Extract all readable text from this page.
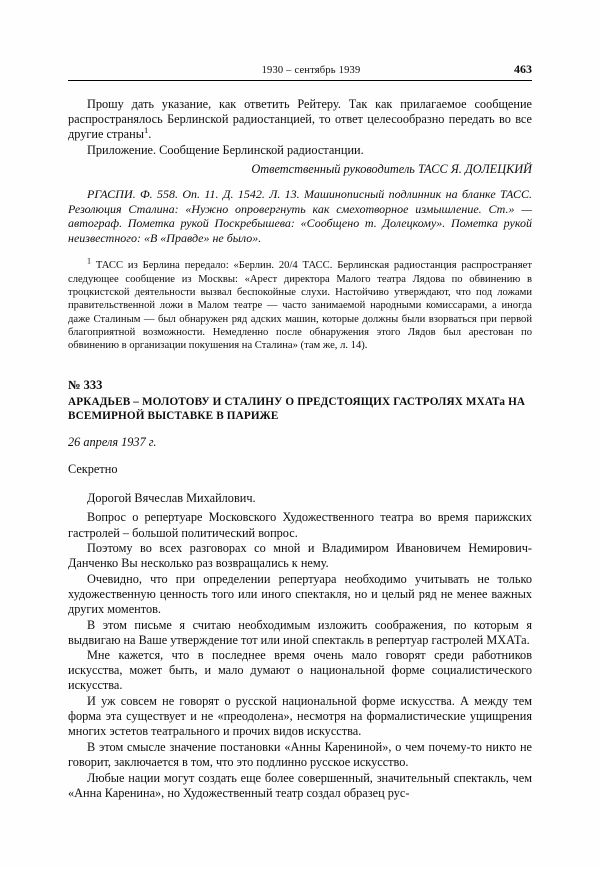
1930 – сентябрь 1939	463

Прошу дать указание, как ответить Рейтеру. Так как прилагаемое сообщение распространялось Берлинской радиостанцией, то ответ целесообразно передать во все другие страны$^1$.

Приложение. Сообщение Берлинской радиостанции.

Ответственный руководитель ТАСС Я. ДОЛЕЦКИЙ

РГАСПИ. Ф. 558. Оп. 11. Д. 1542. Л. 13. Машинописный подлинник на бланке ТАСС. Резолюция Сталина: «Нужно опровергнуть как смехотворное измышление. Ст.» — автограф. Пометка рукой Поскребышева: «Сообщено т. Долецкому». Пометка рукой неизвестного: «В «Правде» не было».

$^1$ ТАСС из Берлина передало: «Берлин. 20/4 ТАСС. Берлинская радиостанция распространяет следующее сообщение из Москвы: «Арест директора Малого театра Лядова по обвинению в троцкистской деятельности вызвал беспокойные слухи. Настойчиво утверждают, что под ложами правительственной ложи в Малом театре — часто занимаемой народными комиссарами, а иногда даже Сталиным — был обнаружен ряд адских машин, которые должны были взорваться при первой благоприятной возможности. Немедленно после обнаружения этого Лядов был арестован по обвинению в организации покушения на Сталина» (там же, л. 14).

№ 333
АРКАДЬЕВ – МОЛОТОВУ И СТАЛИНУ О ПРЕДСТОЯЩИХ ГАСТРОЛЯХ МХАТа НА ВСЕМИРНОЙ ВЫСТАВКЕ В ПАРИЖЕ
26 апреля 1937 г.
Секретно
Дорогой Вячеслав Михайлович.

Вопрос о репертуаре Московского Художественного театра во время парижских гастролей – большой политический вопрос.

Поэтому во всех разговорах со мной и Владимиром Ивановичем Немирович-Данченко Вы несколько раз возвращались к нему.

Очевидно, что при определении репертуара необходимо учитывать не только художественную ценность того или иного спектакля, но и целый ряд не менее важных других моментов.

В этом письме я считаю необходимым изложить соображения, по которым я выдвигаю на Ваше утверждение тот или иной спектакль в репертуар гастролей МХАТа.

Мне кажется, что в последнее время очень мало говорят среди работников искусства, может быть, и мало думают о национальной форме социалистического искусства.

И уж совсем не говорят о русской национальной форме искусства. А между тем форма эта существует и не «преодолена», несмотря на формалистические ущищрения многих эстетов театрального и прочих видов искусства.

В этом смысле значение постановки «Анны Карениной», о чем почему-то никто не говорит, заключается в том, что это подлинно русское искусство.

Любые нации могут создать еще более совершенный, значительный спектакль, чем «Анна Каренина», но Художественный театр создал образец рус-
